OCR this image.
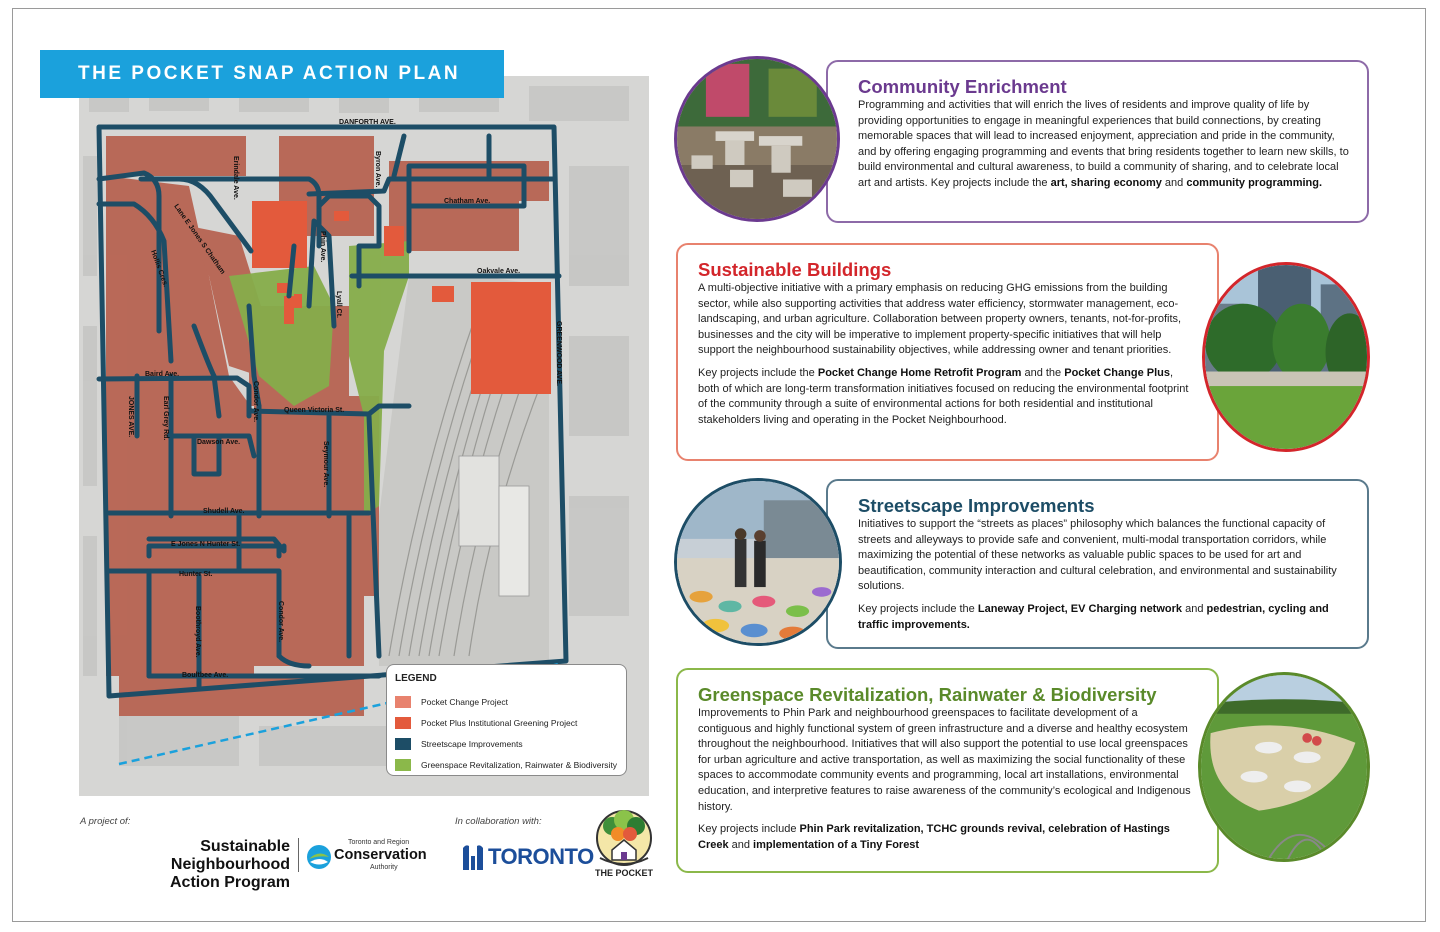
DANFORTH AVE.
Erindale Ave.	Byron Ave.
Chatham Ave.
Lane E Jones S Chatham
Hollis Cres.
Phin Ave.
Oakvale Ave.
Lyall Ct.
GREENWOOD AVE.
Baird Ave.
JONES AVE.	Earl Grey Rd.	Condor Ave.	Queen Victoria St.
Dawson Ave.	Seymour Ave.
Shudell Ave.
E Jones N Hunter St.
Hunter St.
Boothroyd Ave.	Condor Ave.
Boultbee Ave.
THE POCKET SNAP ACTION PLAN
LEGEND
Pocket Change Project
Pocket Plus Institutional Greening Project
Streetscape Improvements
Greenspace Revitalization, Rainwater & Biodiversity
A project of:
Sustainable Neighbourhood
Action Program
Toronto and Region
Conservation
Authority
In collaboration with:
TORONTO
THE POCKET
Community Enrichment

Programming and activities that will enrich the lives of residents and improve quality of life by providing opportunities to engage in meaningful experiences that build connections, by creating memorable spaces that will lead to increased enjoyment, appreciation and pride in the community, and by offering engaging programming and events that bring residents together to learn new skills, to build environmental and cultural awareness, to build a community of sharing, and to celebrate local art and artists. Key projects include the art, sharing economy and community programming.

Sustainable Buildings

A multi-objective initiative with a primary emphasis on reducing GHG emissions from the building sector, while also supporting activities that address water efficiency, stormwater management, eco-landscaping, and urban agriculture. Collaboration between property owners, tenants, not-for-profits, businesses and the city will be imperative to implement property-specific initiatives that will help support the neighbourhood sustainability objectives, while addressing owner and tenant priorities.

Key projects include the Pocket Change Home Retrofit Program and the Pocket Change Plus, both of which are long-term transformation initiatives focused on reducing the environmental footprint of the community through a suite of environmental actions for both residential and institutional stakeholders living and operating in the Pocket Neighbourhood.

Streetscape Improvements

Initiatives to support the “streets as places” philosophy which balances the functional capacity of streets and alleyways to provide safe and convenient, multi-modal transportation corridors, while maximizing the potential of these networks as valuable public spaces to be used for art and beautification, community interaction and cultural celebration, and environmental and sustainability solutions.

Key projects include the Laneway Project, EV Charging network and pedestrian, cycling and traffic improvements.

Greenspace Revitalization, Rainwater & Biodiversity

Improvements to Phin Park and neighbourhood greenspaces to facilitate development of a contiguous and highly functional system of green infrastructure and a diverse and healthy ecosystem throughout the neighbourhood. Initiatives that will also support the potential to use local greenspaces for urban agriculture and active transportation, as well as maximizing the social functionality of these spaces to accommodate community events and programming, local art installations, environmental education, and interpretive features to raise awareness of the community’s ecological and Indigenous history.

Key projects include Phin Park revitalization, TCHC grounds revival, celebration of Hastings Creek and implementation of a Tiny Forest
